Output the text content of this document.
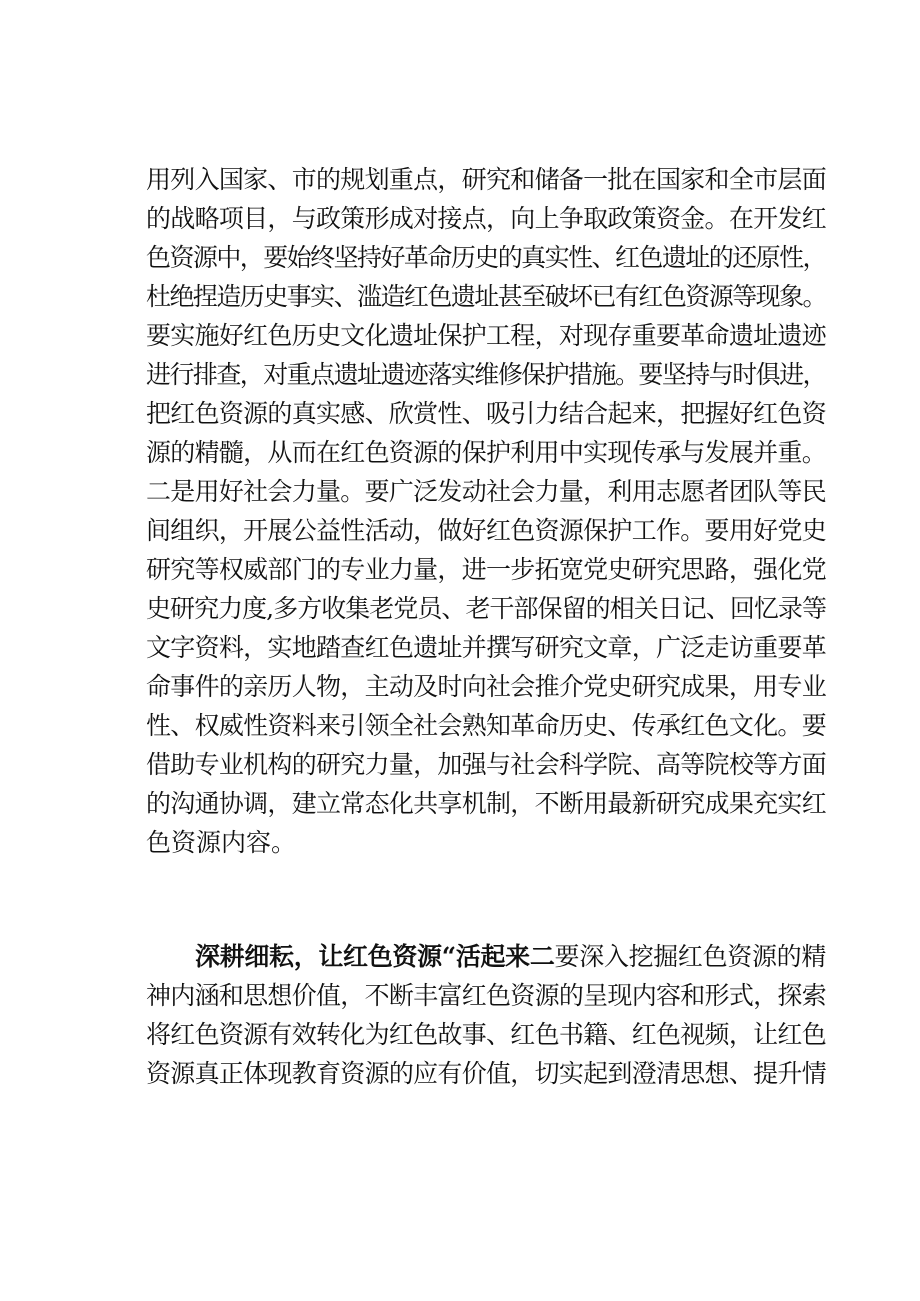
用列入国家、市的规划重点，研究和储备一批在国家和全市层面
的战略项目，与政策形成对接点，向上争取政策资金。在开发红
色资源中，要始终坚持好革命历史的真实性、红色遗址的还原性，
杜绝捏造历史事实、滥造红色遗址甚至破坏已有红色资源等现象。
要实施好红色历史文化遗址保护工程，对现存重要革命遗址遗迹
进行排查，对重点遗址遗迹落实维修保护措施。要坚持与时俱进，
把红色资源的真实感、欣赏性、吸引力结合起来，把握好红色资
源的精髓，从而在红色资源的保护利用中实现传承与发展并重。
二是用好社会力量。要广泛发动社会力量，利用志愿者团队等民
间组织，开展公益性活动，做好红色资源保护工作。要用好党史
研究等权威部门的专业力量，进一步拓宽党史研究思路，强化党
史研究力度,多方收集老党员、老干部保留的相关日记、回忆录等
文字资料，实地踏查红色遗址并撰写研究文章，广泛走访重要革
命事件的亲历人物，主动及时向社会推介党史研究成果，用专业
性、权威性资料来引领全社会熟知革命历史、传承红色文化。要
借助专业机构的研究力量，加强与社会科学院、高等院校等方面
的沟通协调，建立常态化共享机制，不断用最新研究成果充实红
色资源内容。
深耕细耘，让红色资源“活起来二要深入挖掘红色资源的精
神内涵和思想价值，不断丰富红色资源的呈现内容和形式，探索
将红色资源有效转化为红色故事、红色书籍、红色视频，让红色
资源真正体现教育资源的应有价值，切实起到澄清思想、提升情
